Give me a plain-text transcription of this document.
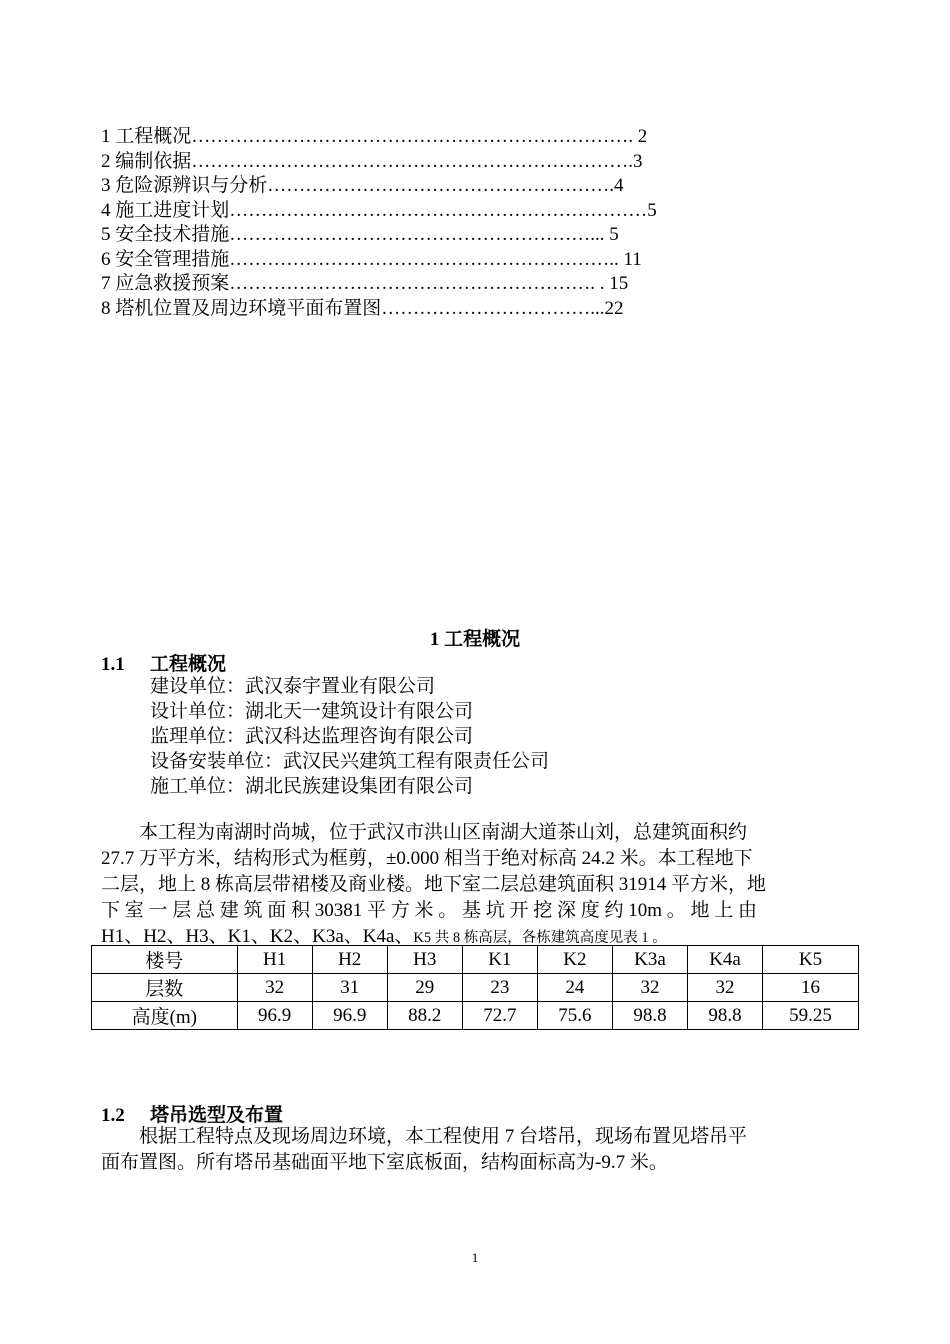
1 工程概况……………………………………………………………. 2
2 编制依据…………………………………………………………….3
3 危险源辨识与分析……………………………………………….4
4 施工进度计划…………………………………………………………5
5 安全技术措施…………………………………………………... 5
6 安全管理措施…………………………………………………….. 11
7 应急救援预案…………………………………………………. . 15
8 塔机位置及周边环境平面布置图……………………………...22
1 工程概况
1.1 工程概况
建设单位：武汉泰宇置业有限公司
设计单位：湖北天一建筑设计有限公司
监理单位：武汉科达监理咨询有限公司
设备安装单位：武汉民兴建筑工程有限责任公司
施工单位：湖北民族建设集团有限公司
　　本工程为南湖时尚城，位于武汉市洪山区南湖大道茶山刘，总建筑面积约
27.7 万平方米，结构形式为框剪，±0.000 相当于绝对标高 24.2 米。本工程地下
二层，地上 8 栋高层带裙楼及商业楼。地下室二层总建筑面积 31914 平方米，地
下 室 一 层 总 建 筑 面 积 30381 平 方 米 。 基 坑 开 挖 深 度 约 10m 。 地 上 由
H1、H2、H3、K1、K2、K3a、K4a、K5 共 8 栋高层，各栋建筑高度见表 1 。
楼号	H1	H2	H3	K1	K2	K3a	K4a	K5
层数	32	31	29	23	24	32	32	16
高度(m)	96.9	96.9	88.2	72.7	75.6	98.8	98.8	59.25
1.2 塔吊选型及布置
　　根据工程特点及现场周边环境，本工程使用 7 台塔吊，现场布置见塔吊平
面布置图。所有塔吊基础面平地下室底板面，结构面标高为-9.7 米。
1
